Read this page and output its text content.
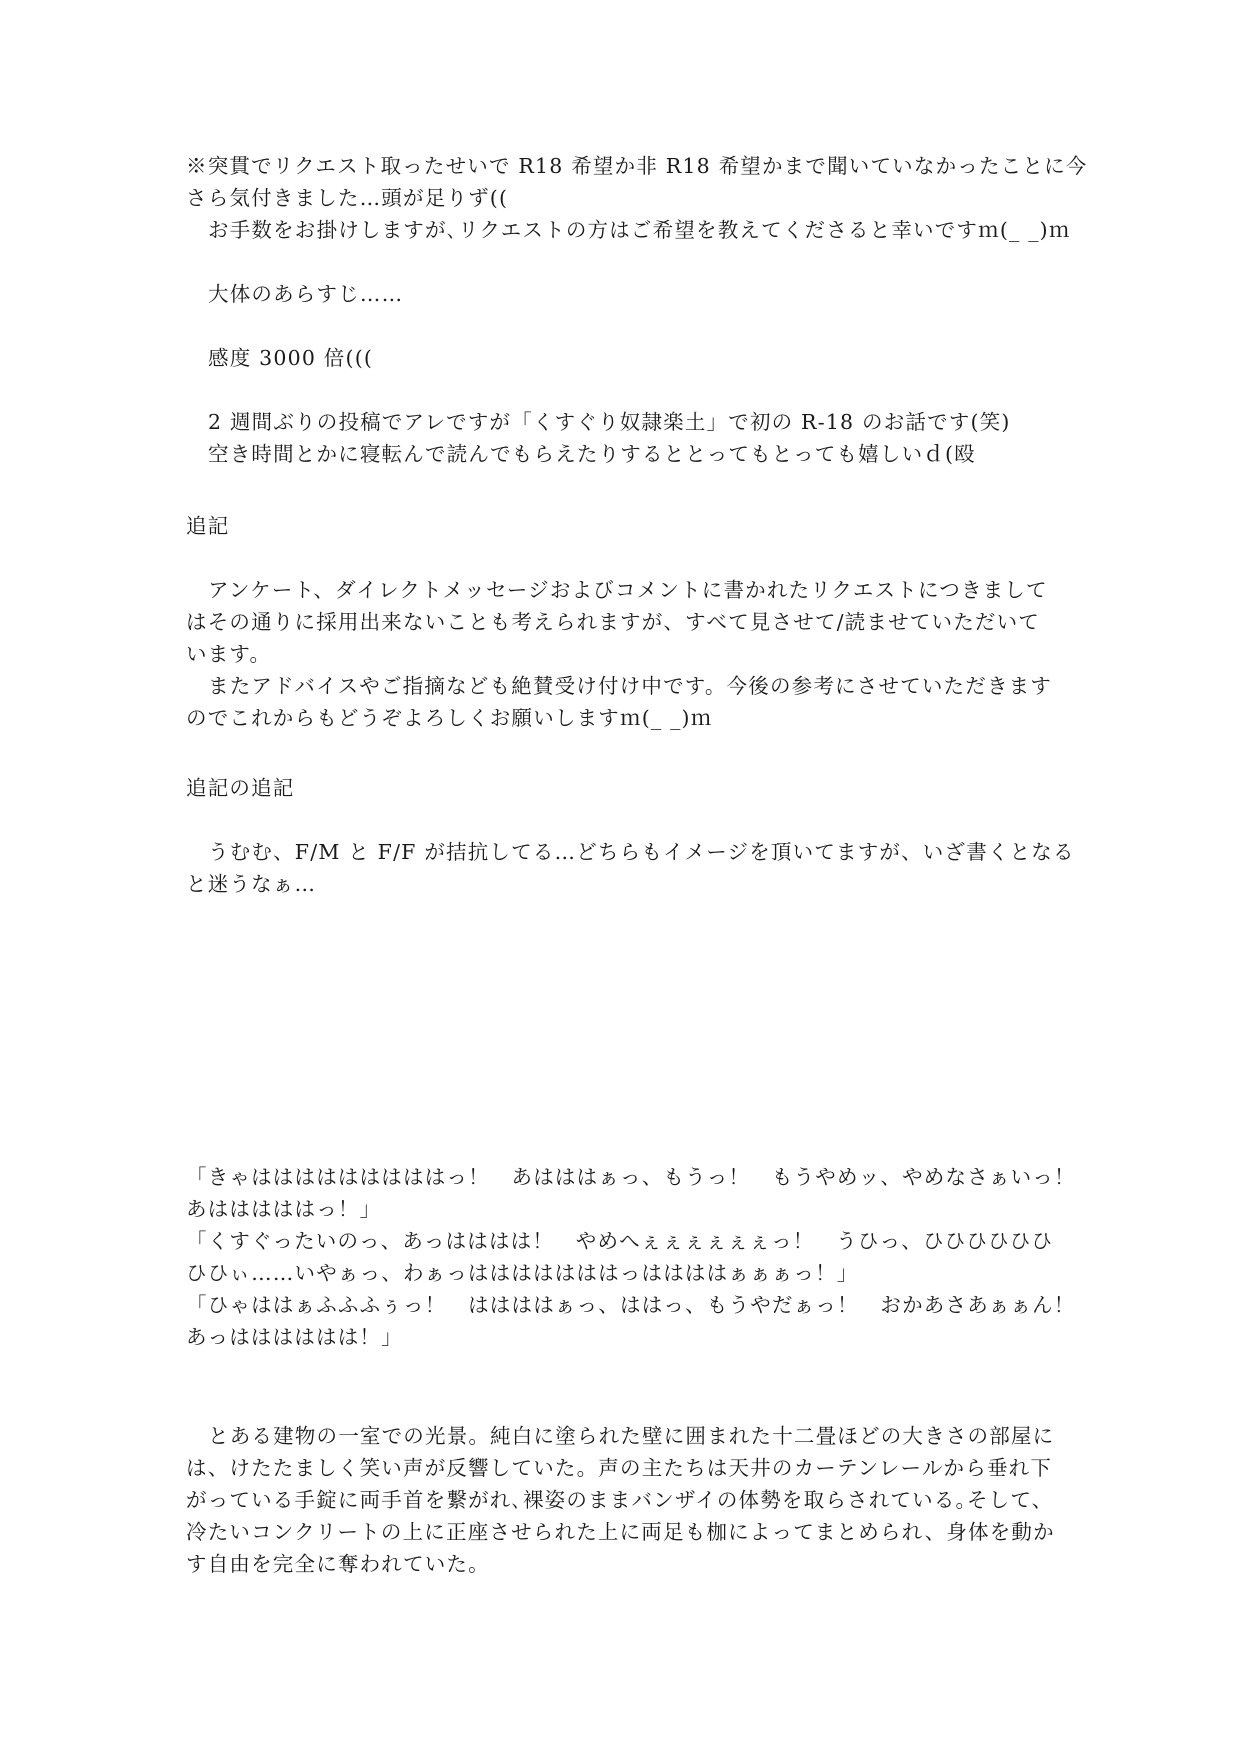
※突貫でリクエスト取ったせいで R18 希望か非 R18 希望かまで聞いていなかったことに今
さら気付きました…頭が足りず((
お手数をお掛けしますが､リクエストの方はご希望を教えてくださると幸いですｍ(_ _)ｍ
大体のあらすじ……
感度 3000 倍(((
2 週間ぶりの投稿でアレですが「くすぐり奴隷楽土」で初の R-18 のお話です(笑)
空き時間とかに寝転んで読んでもらえたりするととってもとっても嬉しいｄ(殴
追記
アンケート、ダイレクトメッセージおよびコメントに書かれたリクエストにつきまして
はその通りに採用出来ないことも考えられますが、すべて見させて/読ませていただいて
います。
またアドバイスやご指摘なども絶賛受け付け中です。今後の参考にさせていただきます
のでこれからもどうぞよろしくお願いしますｍ(_ _)ｍ
追記の追記
うむむ、F/M と F/F が拮抗してる…どちらもイメージを頂いてますが、いざ書くとなる
と迷うなぁ…
「きゃはははははははははっ！　あはははぁっ、もうっ！　もうやめッ、やめなさぁいっ！
あはははははっ！」
「くすぐったいのっ、あっはははは！　やめへぇぇぇぇぇぇっ！　うひっ、ひひひひひひ
ひひぃ……いやぁっ、わぁっはははははははっははははぁぁぁっ！」
「ひゃははぁふふふぅっ！　ははははぁっ、ははっ、もうやだぁっ！　おかあさあぁぁん！
あっはははははは！」
とある建物の一室での光景。純白に塗られた壁に囲まれた十二畳ほどの大きさの部屋に
は、けたたましく笑い声が反響していた。声の主たちは天井のカーテンレールから垂れ下
がっている手錠に両手首を繋がれ､裸姿のままバンザイの体勢を取らされている｡そして、
冷たいコンクリートの上に正座させられた上に両足も枷によってまとめられ、身体を動か
す自由を完全に奪われていた。
